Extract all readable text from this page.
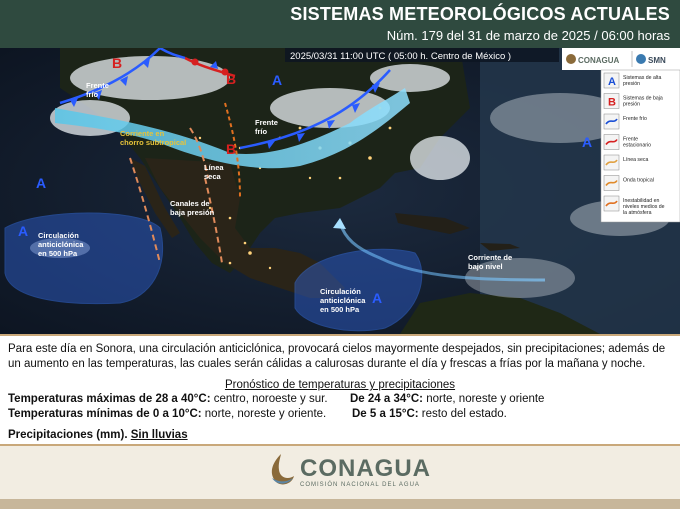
SISTEMAS METEOROLÓGICOS ACTUALES
Núm. 179 del 31 de marzo de 2025 / 06:00 horas
A
A
A
A
A
B
B
B
Frente frío
Frente frío
Corriente en chorro subtropical
Línea seca
Canales de baja presión
Circulación anticiclónica en 500 hPa
Circulación anticiclónica en 500 hPa
Corriente de bajo nivel
2025/03/31 11:00 UTC ( 05:00 h. Centro de México )	CONAGUA	SMN
A Sistemas de alta presión
B Sistemas de baja presión
Frente frío
Frente estacionario
Línea seca
Onda tropical
Inestabilidad en niveles medios de la atmósfera
Para este día en Sonora, una circulación anticiclónica, provocará cielos mayormente despejados, sin precipitaciones; además de un aumento en las temperaturas, las cuales serán cálidas a calurosas durante el día y frescas a frías por la mañana y noche.
Pronóstico de temperaturas y precipitaciones
Temperaturas máximas de 28 a 40°C: centro, noroeste y sur. De 24 a 34°C: norte, noreste y oriente
Temperaturas mínimas de 0 a 10°C: norte, noreste y oriente. De 5 a 15°C: resto del estado.
Precipitaciones (mm). Sin lluvias
CONAGUA
COMISIÓN NACIONAL DEL AGUA
